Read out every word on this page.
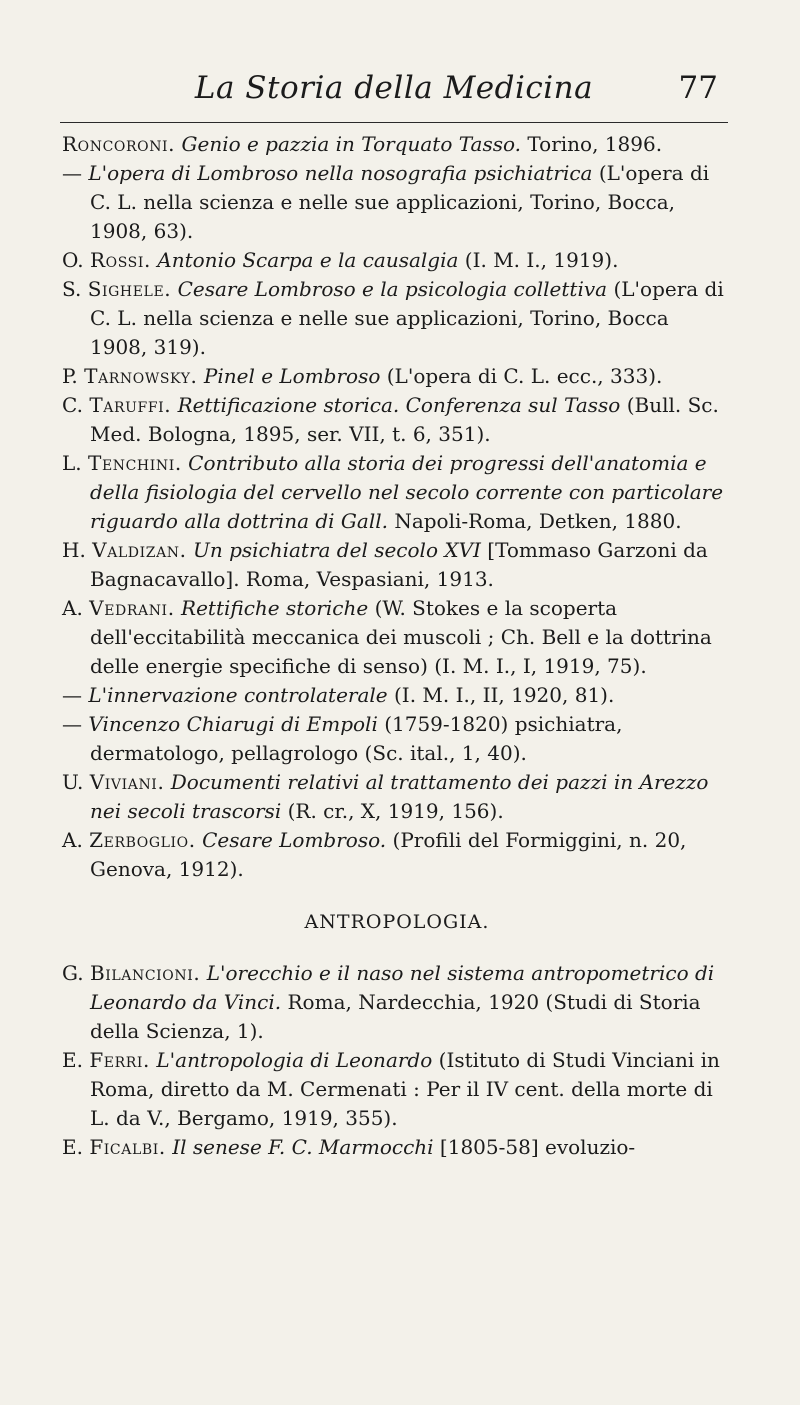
La Storia della Medicina	77

Roncoroni. Genio e pazzia in Torquato Tasso. Torino, 1896.

— L'opera di Lombroso nella nosografia psichiatrica (L'opera di C. L. nella scienza e nelle sue applicazioni, Torino, Bocca, 1908, 63).

O. Rossi. Antonio Scarpa e la causalgia (I. M. I., 1919).

S. Sighele. Cesare Lombroso e la psicologia collettiva (L'opera di C. L. nella scienza e nelle sue applicazioni, Torino, Bocca 1908, 319).

P. Tarnowsky. Pinel e Lombroso (L'opera di C. L. ecc., 333).

C. Taruffi. Rettificazione storica. Conferenza sul Tasso (Bull. Sc. Med. Bologna, 1895, ser. VII, t. 6, 351).

L. Tenchini. Contributo alla storia dei progressi dell'anatomia e della fisiologia del cervello nel secolo corrente con particolare riguardo alla dottrina di Gall. Napoli-Roma, Detken, 1880.

H. Valdizan. Un psichiatra del secolo XVI [Tommaso Garzoni da Bagnacavallo]. Roma, Vespasiani, 1913.

A. Vedrani. Rettifiche storiche (W. Stokes e la scoperta dell'eccitabilità meccanica dei muscoli ; Ch. Bell e la dottrina delle energie specifiche di senso) (I. M. I., I, 1919, 75).

— L'innervazione controlaterale (I. M. I., II, 1920, 81).

— Vincenzo Chiarugi di Empoli (1759-1820) psichiatra, dermatologo, pellagrologo (Sc. ital., 1, 40).

U. Viviani. Documenti relativi al trattamento dei pazzi in Arezzo nei secoli trascorsi (R. cr., X, 1919, 156).

A. Zerboglio. Cesare Lombroso. (Profili del Formiggini, n. 20, Genova, 1912).

ANTROPOLOGIA.

G. Bilancioni. L'orecchio e il naso nel sistema antropometrico di Leonardo da Vinci. Roma, Nardecchia, 1920 (Studi di Storia della Scienza, 1).

E. Ferri. L'antropologia di Leonardo (Istituto di Studi Vinciani in Roma, diretto da M. Cermenati : Per il IV cent. della morte di L. da V., Bergamo, 1919, 355).

E. Ficalbi. Il senese F. C. Marmocchi [1805-58] evoluzio-
